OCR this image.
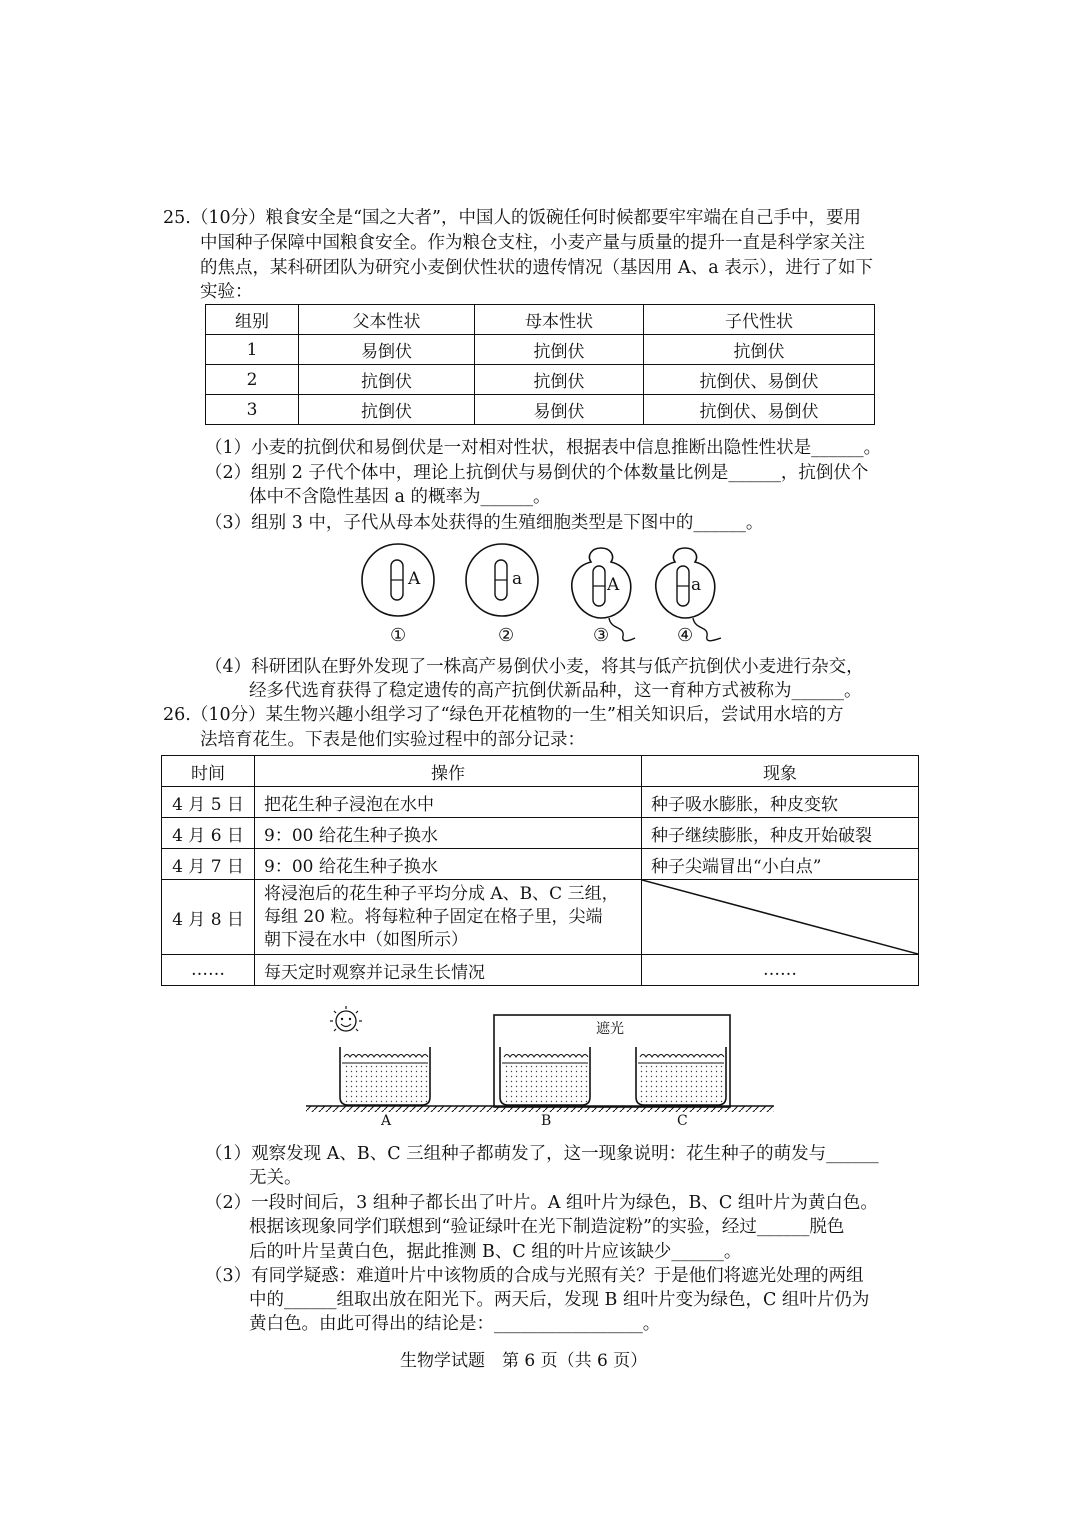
25.（10分）粮食安全是“国之大者”，中国人的饭碗任何时候都要牢牢端在自己手中，要用
中国种子保障中国粮食安全。作为粮仓支柱，小麦产量与质量的提升一直是科学家关注
的焦点，某科研团队为研究小麦倒伏性状的遗传情况（基因用 A、a 表示），进行了如下
实验：
组别	父本性状	母本性状	子代性状
1	易倒伏	抗倒伏	抗倒伏
2	抗倒伏	抗倒伏	抗倒伏、易倒伏
3	抗倒伏	易倒伏	抗倒伏、易倒伏
（1）小麦的抗倒伏和易倒伏是一对相对性状，根据表中信息推断出隐性性状是______。
（2）组别 2 子代个体中，理论上抗倒伏与易倒伏的个体数量比例是______，抗倒伏个
体中不含隐性基因 a 的概率为______。
（3）组别 3 中，子代从母本处获得的生殖细胞类型是下图中的______。
A	a	A	a
①	②	③	④
（4）科研团队在野外发现了一株高产易倒伏小麦，将其与低产抗倒伏小麦进行杂交，
经多代选育获得了稳定遗传的高产抗倒伏新品种，这一育种方式被称为______。
26.（10分）某生物兴趣小组学习了“绿色开花植物的一生”相关知识后，尝试用水培的方
法培育花生。下表是他们实验过程中的部分记录：
时间	操作	现象
4 月 5 日	把花生种子浸泡在水中	种子吸水膨胀，种皮变软
4 月 6 日	9：00 给花生种子换水	种子继续膨胀，种皮开始破裂
4 月 7 日	9：00 给花生种子换水	种子尖端冒出“小白点”
4 月 8 日	将浸泡后的花生种子平均分成 A、B、C 三组，
每组 20 粒。将每粒种子固定在格子里，尖端
朝下浸在水中（如图所示）

……	每天定时观察并记录生长情况	……
遮光
A	B	C
（1）观察发现 A、B、C 三组种子都萌发了，这一现象说明：花生种子的萌发与______
无关。
（2）一段时间后，3 组种子都长出了叶片。A 组叶片为绿色，B、C 组叶片为黄白色。
根据该现象同学们联想到“验证绿叶在光下制造淀粉”的实验，经过______脱色
后的叶片呈黄白色，据此推测 B、C 组的叶片应该缺少______。
（3）有同学疑惑：难道叶片中该物质的合成与光照有关？于是他们将遮光处理的两组
中的______组取出放在阳光下。两天后，发现 B 组叶片变为绿色，C 组叶片仍为
黄白色。由此可得出的结论是：_________________。
生物学试题　第 6 页（共 6 页）
